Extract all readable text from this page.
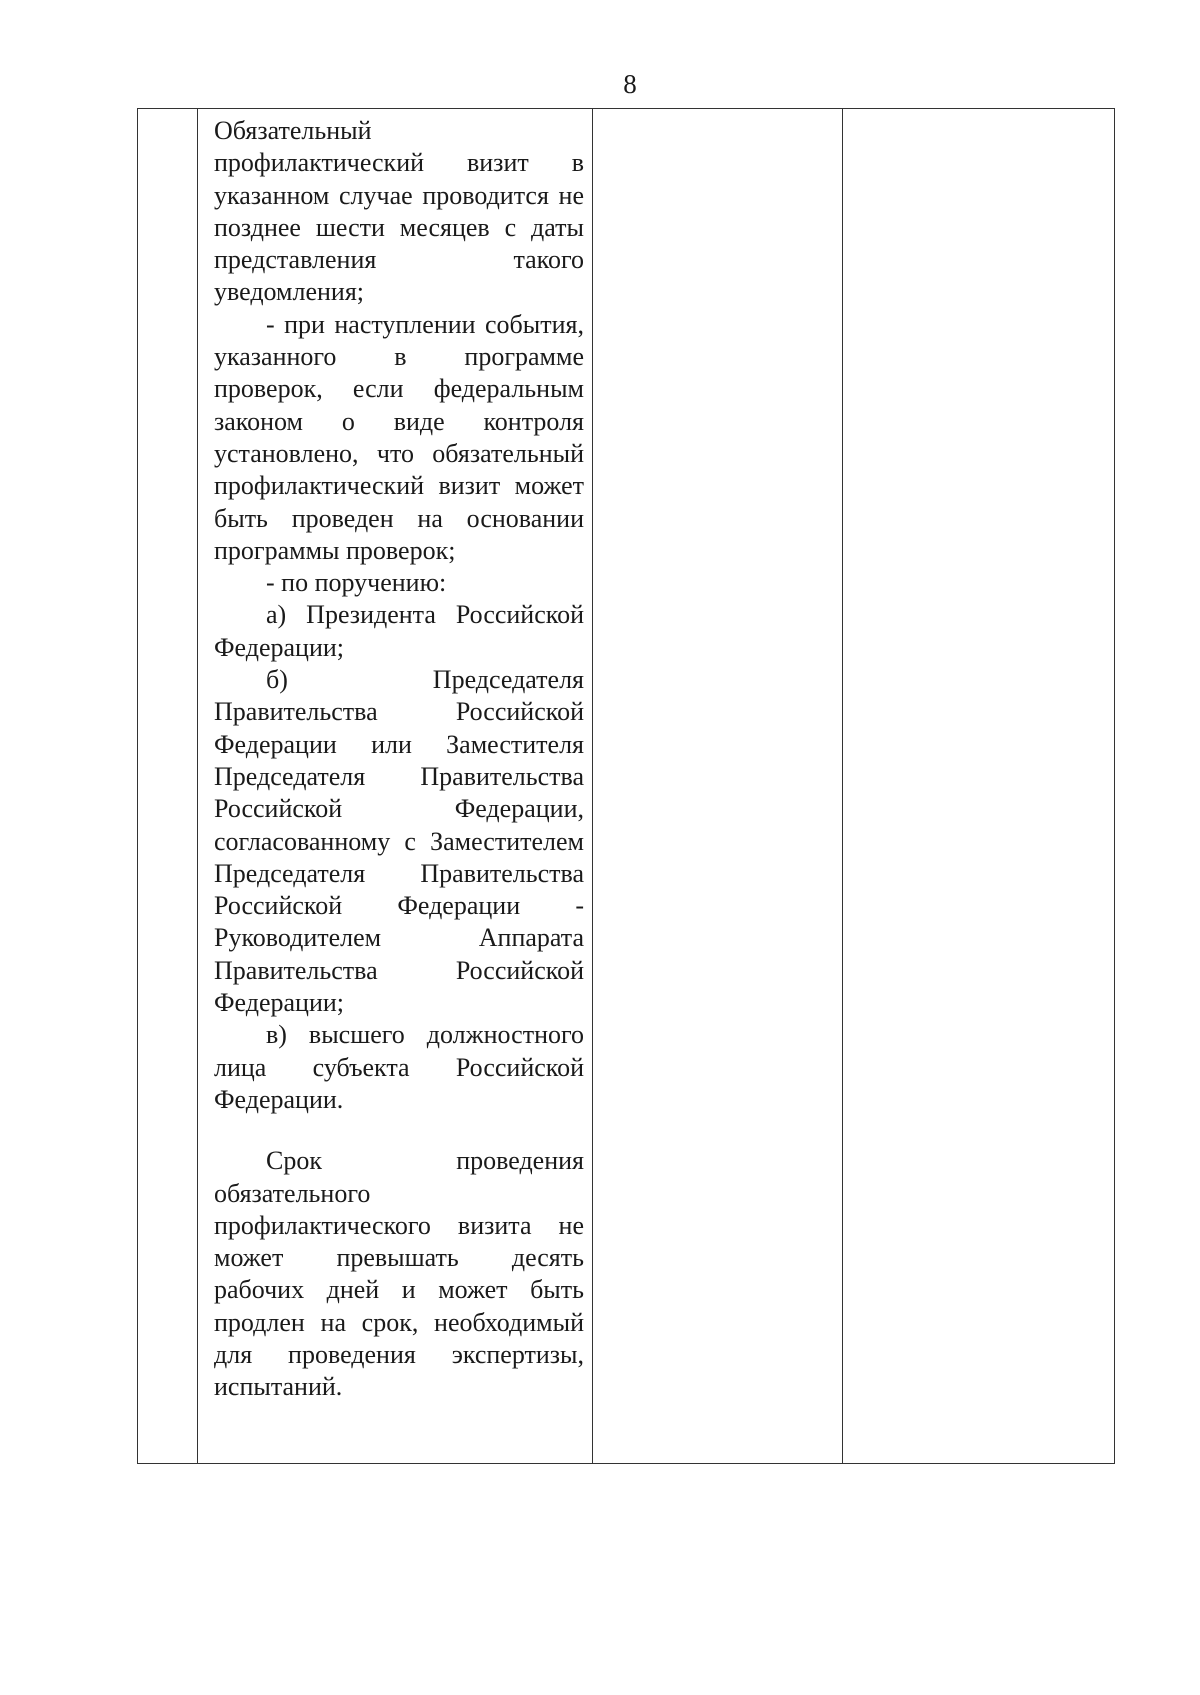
8

Обязательный профилактический визит в указанном случае проводится не позднее шести месяцев с даты представления такого уведомления;

- при наступлении события, указанного в программе проверок, если федеральным законом о виде контроля установлено, что обязательный профилактический визит может быть проведен на основании программы проверок;

- по поручению:

а) Президента Российской Федерации;

б) Председателя Правительства Российской Федерации или Заместителя Председателя Правительства Российской Федерации, согласованному с Заместителем Председателя Правительства Российской Федерации - Руководителем Аппарата Правительства Российской Федерации;

в) высшего должностного лица субъекта Российской Федерации.

Срок проведения обязательного профилактического визита не может превышать десять рабочих дней и может быть продлен на срок, необходимый для проведения экспертизы, испытаний.
